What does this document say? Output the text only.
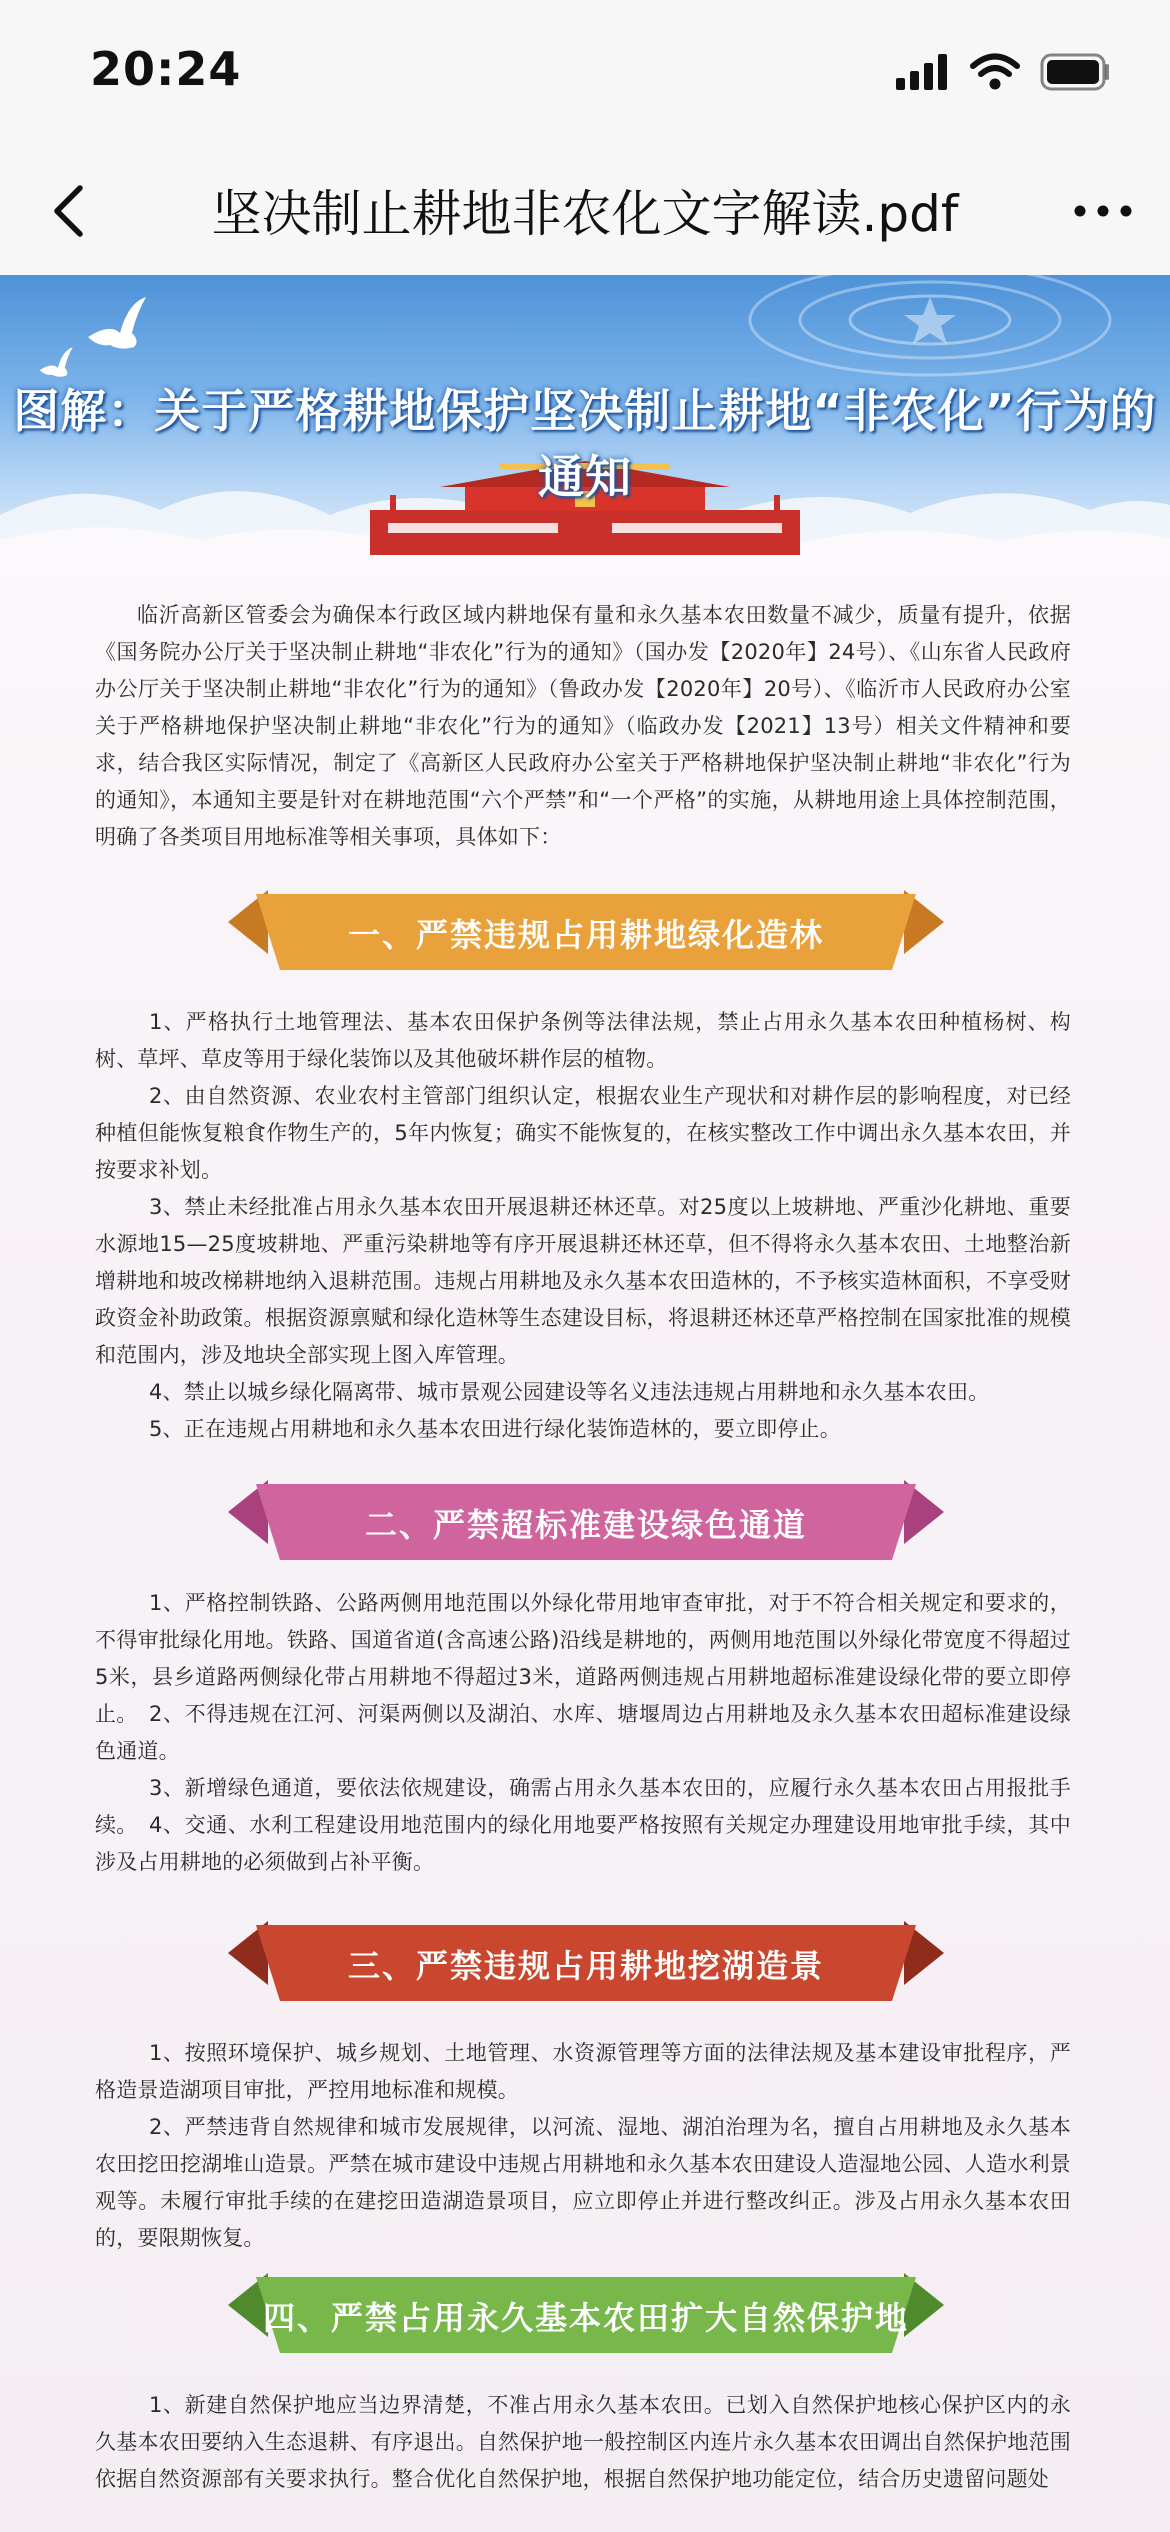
20:24
坚决制止耕地非农化文字解读.pdf
图解：关于严格耕地保护坚决制止耕地“非农化”行为的通知

临沂高新区管委会为确保本行政区域内耕地保有量和永久基本农田数量不减少，质量有提升，依据《国务院办公厅关于坚决制止耕地“非农化”行为的通知》（国办发【2020年】24号）、《山东省人民政府办公厅关于坚决制止耕地“非农化”行为的通知》（鲁政办发【2020年】20号）、《临沂市人民政府办公室关于严格耕地保护坚决制止耕地“非农化”行为的通知》（临政办发【2021】13号）相关文件精神和要求，结合我区实际情况，制定了《高新区人民政府办公室关于严格耕地保护坚决制止耕地“非农化”行为的通知》，本通知主要是针对在耕地范围“六个严禁”和“一个严格”的实施，从耕地用途上具体控制范围，明确了各类项目用地标准等相关事项，具体如下：

一、严禁违规占用耕地绿化造林

1、严格执行土地管理法、基本农田保护条例等法律法规，禁止占用永久基本农田种植杨树、构树、草坪、草皮等用于绿化装饰以及其他破坏耕作层的植物。

2、由自然资源、农业农村主管部门组织认定，根据农业生产现状和对耕作层的影响程度，对已经种植但能恢复粮食作物生产的，5年内恢复；确实不能恢复的，在核实整改工作中调出永久基本农田，并按要求补划。

3、禁止未经批准占用永久基本农田开展退耕还林还草。对25度以上坡耕地、严重沙化耕地、重要水源地15—25度坡耕地、严重污染耕地等有序开展退耕还林还草，但不得将永久基本农田、土地整治新增耕地和坡改梯耕地纳入退耕范围。违规占用耕地及永久基本农田造林的，不予核实造林面积，不享受财政资金补助政策。根据资源禀赋和绿化造林等生态建设目标，将退耕还林还草严格控制在国家批准的规模和范围内，涉及地块全部实现上图入库管理。

4、禁止以城乡绿化隔离带、城市景观公园建设等名义违法违规占用耕地和永久基本农田。

5、正在违规占用耕地和永久基本农田进行绿化装饰造林的，要立即停止。

二、严禁超标准建设绿色通道

1、严格控制铁路、公路两侧用地范围以外绿化带用地审查审批，对于不符合相关规定和要求的，不得审批绿化用地。铁路、国道省道(含高速公路)沿线是耕地的，两侧用地范围以外绿化带宽度不得超过5米，县乡道路两侧绿化带占用耕地不得超过3米，道路两侧违规占用耕地超标准建设绿化带的要立即停止。 2、不得违规在江河、河渠两侧以及湖泊、水库、塘堰周边占用耕地及永久基本农田超标准建设绿色通道。

3、新增绿色通道，要依法依规建设，确需占用永久基本农田的，应履行永久基本农田占用报批手续。 4、交通、水利工程建设用地范围内的绿化用地要严格按照有关规定办理建设用地审批手续，其中涉及占用耕地的必须做到占补平衡。

三、严禁违规占用耕地挖湖造景

1、按照环境保护、城乡规划、土地管理、水资源管理等方面的法律法规及基本建设审批程序，严格造景造湖项目审批，严控用地标准和规模。

2、严禁违背自然规律和城市发展规律，以河流、湿地、湖泊治理为名，擅自占用耕地及永久基本农田挖田挖湖堆山造景。严禁在城市建设中违规占用耕地和永久基本农田建设人造湿地公园、人造水利景观等。未履行审批手续的在建挖田造湖造景项目，应立即停止并进行整改纠正。涉及占用永久基本农田的，要限期恢复。

四、严禁占用永久基本农田扩大自然保护地

1、新建自然保护地应当边界清楚，不准占用永久基本农田。已划入自然保护地核心保护区内的永久基本农田要纳入生态退耕、有序退出。自然保护地一般控制区内连片永久基本农田调出自然保护地范围依据自然资源部有关要求执行。整合优化自然保护地，根据自然保护地功能定位，结合历史遗留问题处
